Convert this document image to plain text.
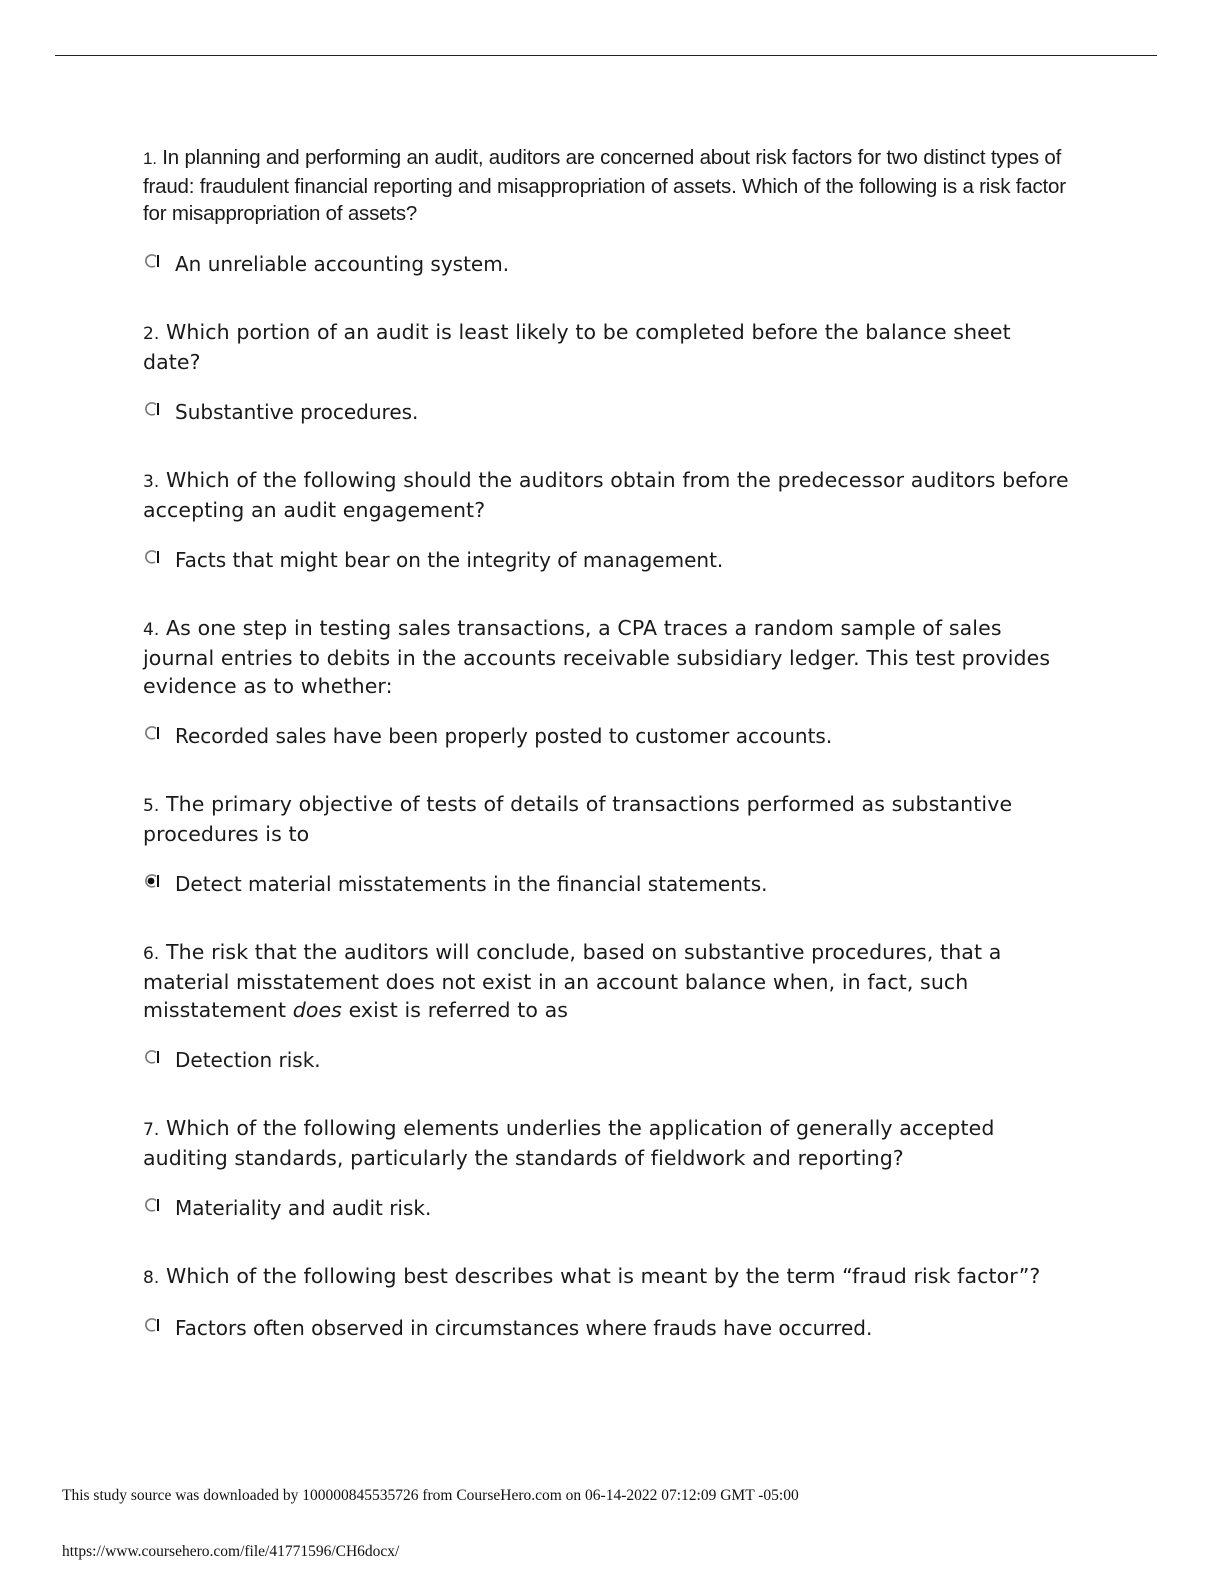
1. In planning and performing an audit, auditors are concerned about risk factors for two distinct types of fraud: fraudulent financial reporting and misappropriation of assets. Which of the following is a risk factor for misappropriation of assets?

An unreliable accounting system.

2. Which portion of an audit is least likely to be completed before the balance sheet date?

Substantive procedures.

3. Which of the following should the auditors obtain from the predecessor auditors before accepting an audit engagement?

Facts that might bear on the integrity of management.

4. As one step in testing sales transactions, a CPA traces a random sample of sales journal entries to debits in the accounts receivable subsidiary ledger. This test provides evidence as to whether:

Recorded sales have been properly posted to customer accounts.

5. The primary objective of tests of details of transactions performed as substantive procedures is to

Detect material misstatements in the financial statements.

6. The risk that the auditors will conclude, based on substantive procedures, that a material misstatement does not exist in an account balance when, in fact, such misstatement does exist is referred to as

Detection risk.

7. Which of the following elements underlies the application of generally accepted auditing standards, particularly the standards of fieldwork and reporting?

Materiality and audit risk.

8. Which of the following best describes what is meant by the term “fraud risk factor”?

Factors often observed in circumstances where frauds have occurred.
This study source was downloaded by 100000845535726 from CourseHero.com on 06-14-2022 07:12:09 GMT -05:00
https://www.coursehero.com/file/41771596/CH6docx/
